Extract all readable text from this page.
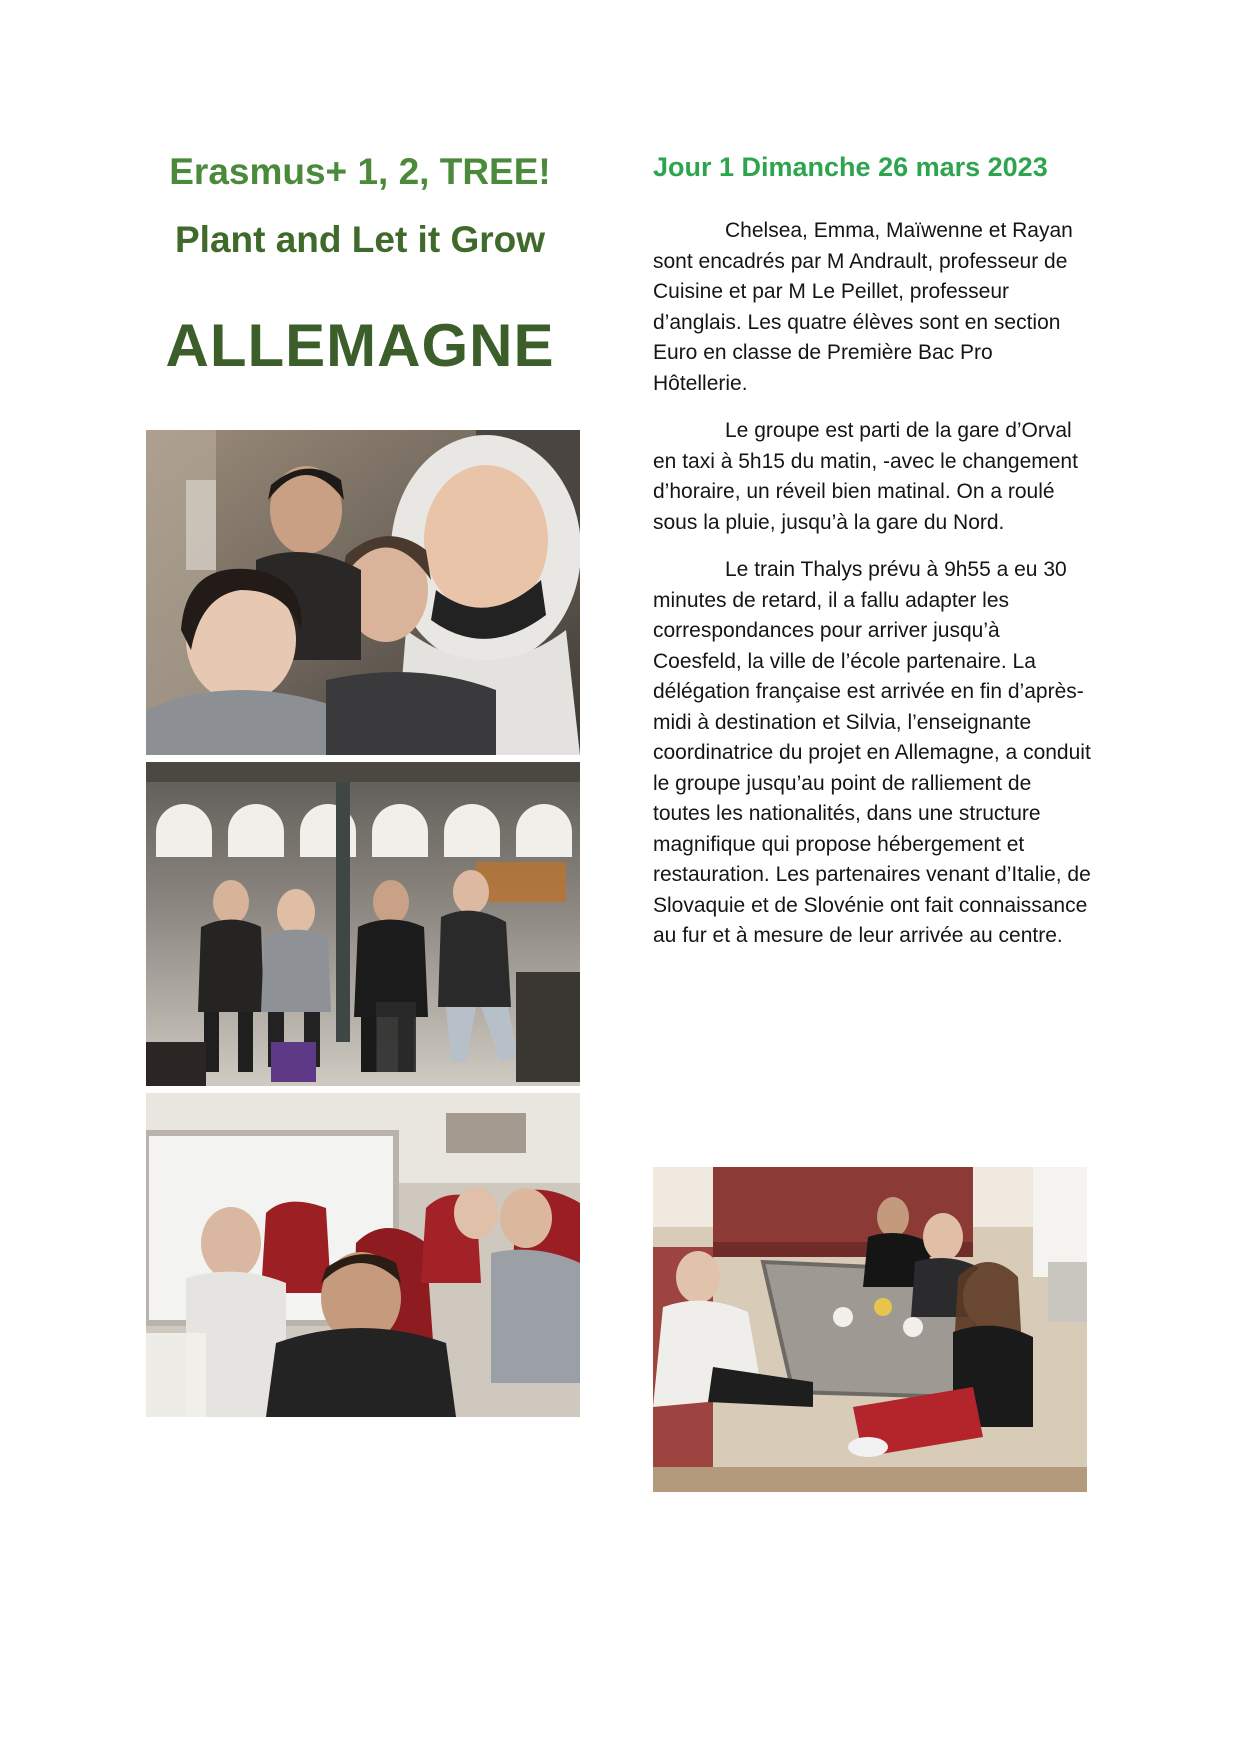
Erasmus+ 1, 2, TREE!
Plant and Let it Grow
ALLEMAGNE
Jour 1 Dimanche 26 mars 2023

Chelsea, Emma, Maïwenne et Rayan sont encadrés par M Andrault, professeur de Cuisine et par M Le Peillet, professeur d’anglais. Les quatre élèves sont en section Euro en classe de Première Bac Pro Hôtellerie.

Le groupe est parti de la gare d’Orval en taxi à 5h15 du matin, -avec le changement d’horaire, un réveil bien matinal. On a roulé sous la pluie, jusqu’à la gare du Nord.

Le train Thalys prévu à 9h55 a eu 30 minutes de retard, il a fallu adapter les correspondances pour arriver jusqu’à Coesfeld, la ville de l’école partenaire. La délégation française est arrivée en fin d’après-midi à destination et Silvia, l’enseignante coordinatrice du projet en Allemagne, a conduit le groupe jusqu’au point de ralliement de toutes les nationalités, dans une structure magnifique qui propose hébergement et restauration. Les partenaires venant d’Italie, de Slovaquie et de Slovénie ont fait connaissance au fur et à mesure de leur arrivée au centre.
